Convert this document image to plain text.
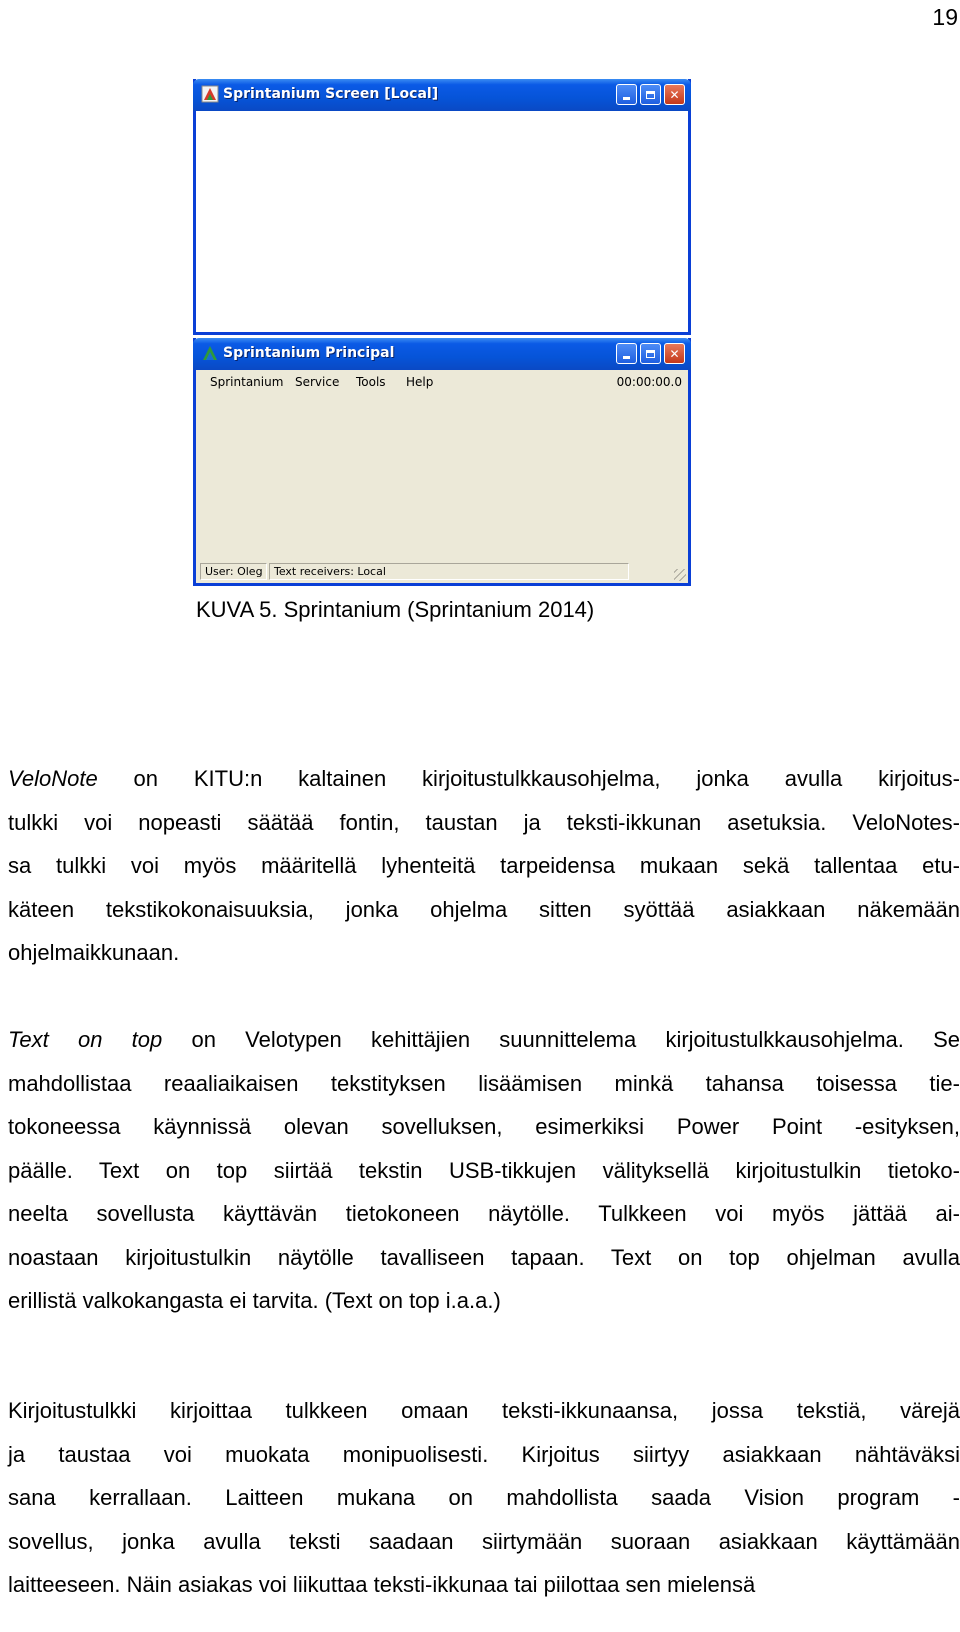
19
Sprintanium Screen [Local]	✕
Sprintanium Principal	✕
Sprintanium Service Tools Help	00:00:00.0
User: Oleg	Text receivers: Local
KUVA 5. Sprintanium (Sprintanium 2014)

VeloNote on KITU:n kaltainen kirjoitustulkkausohjelma, jonka avulla kirjoitus-

tulkki voi nopeasti säätää fontin, taustan ja teksti-ikkunan asetuksia. VeloNotes-

sa tulkki voi myös määritellä lyhenteitä tarpeidensa mukaan sekä tallentaa etu-

käteen tekstikokonaisuuksia, jonka ohjelma sitten syöttää asiakkaan näkemään

ohjelmaikkunaan.

Text on top on Velotypen kehittäjien suunnittelema kirjoitustulkkausohjelma. Se

mahdollistaa reaaliaikaisen tekstityksen lisäämisen minkä tahansa toisessa tie-

tokoneessa käynnissä olevan sovelluksen, esimerkiksi Power Point -esityksen,

päälle. Text on top siirtää tekstin USB-tikkujen välityksellä kirjoitustulkin tietoko-

neelta sovellusta käyttävän tietokoneen näytölle. Tulkkeen voi myös jättää ai-

noastaan kirjoitustulkin näytölle tavalliseen tapaan. Text on top ohjelman avulla

erillistä valkokangasta ei tarvita. (Text on top i.a.a.)

Kirjoitustulkki kirjoittaa tulkkeen omaan teksti-ikkunaansa, jossa tekstiä, värejä

ja taustaa voi muokata monipuolisesti. Kirjoitus siirtyy asiakkaan nähtäväksi

sana kerrallaan. Laitteen mukana on mahdollista saada Vision program -

sovellus, jonka avulla teksti saadaan siirtymään suoraan asiakkaan käyttämään

laitteeseen. Näin asiakas voi liikuttaa teksti-ikkunaa tai piilottaa sen mielensä
